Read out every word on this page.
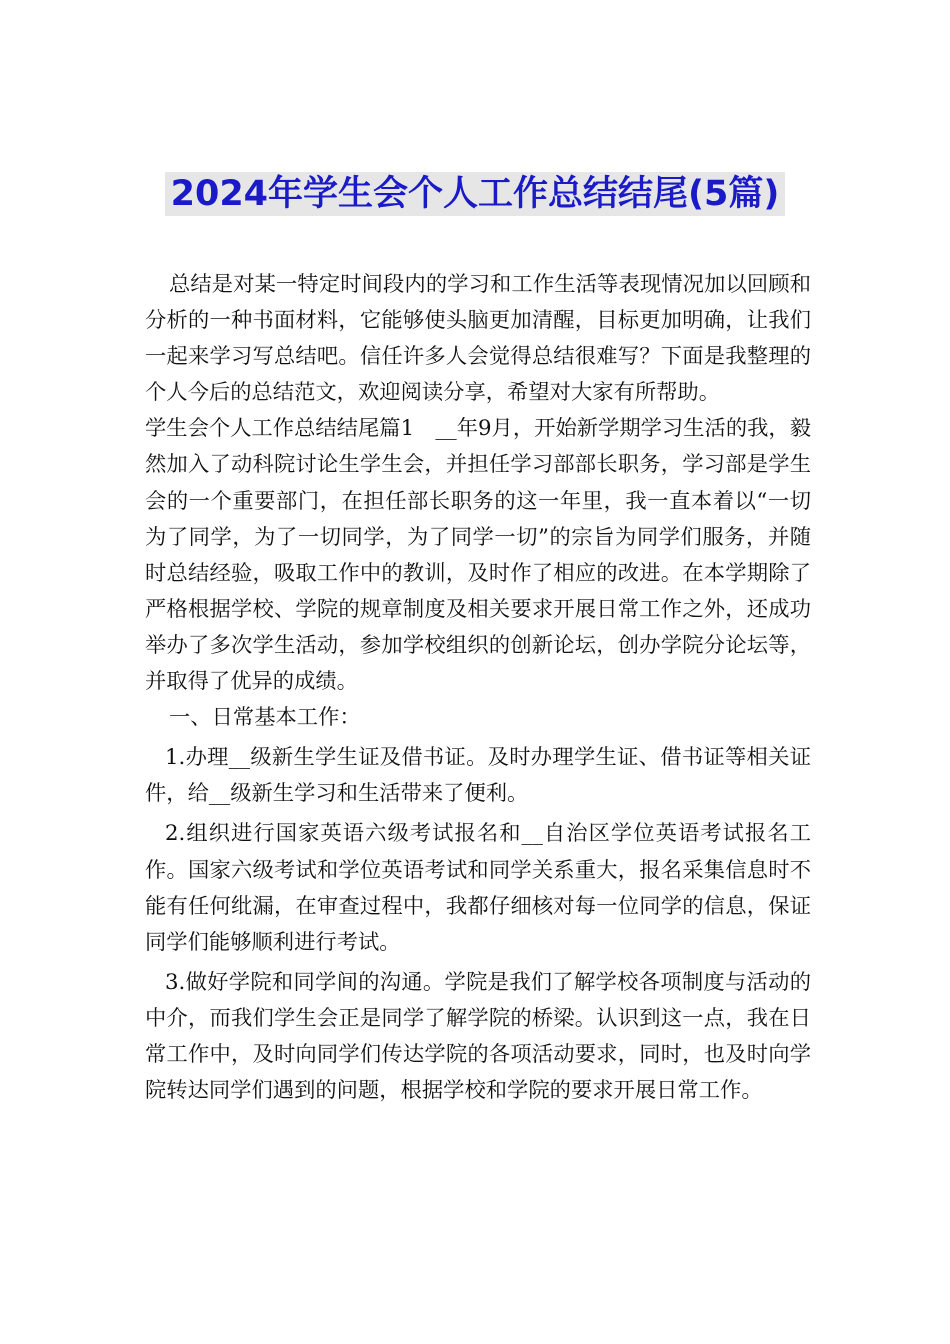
2024年学生会个人工作总结结尾(5篇)

总结是对某一特定时间段内的学习和工作生活等表现情况加以回顾和分析的一种书面材料，它能够使头脑更加清醒，目标更加明确，让我们一起来学习写总结吧。信任许多人会觉得总结很难写？下面是我整理的个人今后的总结范文，欢迎阅读分享，希望对大家有所帮助。

学生会个人工作总结结尾篇1　__年9月，开始新学期学习生活的我，毅然加入了动科院讨论生学生会，并担任学习部部长职务，学习部是学生会的一个重要部门，在担任部长职务的这一年里，我一直本着以“一切为了同学，为了一切同学，为了同学一切”的宗旨为同学们服务，并随时总结经验，吸取工作中的教训，及时作了相应的改进。在本学期除了严格根据学校、学院的规章制度及相关要求开展日常工作之外，还成功举办了多次学生活动，参加学校组织的创新论坛，创办学院分论坛等，并取得了优异的成绩。

一、日常基本工作：

1.办理__级新生学生证及借书证。及时办理学生证、借书证等相关证件，给__级新生学习和生活带来了便利。

2.组织进行国家英语六级考试报名和__自治区学位英语考试报名工作。国家六级考试和学位英语考试和同学关系重大，报名采集信息时不能有任何纰漏，在审查过程中，我都仔细核对每一位同学的信息，保证同学们能够顺利进行考试。

3.做好学院和同学间的沟通。学院是我们了解学校各项制度与活动的中介，而我们学生会正是同学了解学院的桥梁。认识到这一点，我在日常工作中，及时向同学们传达学院的各项活动要求，同时，也及时向学院转达同学们遇到的问题，根据学校和学院的要求开展日常工作。
